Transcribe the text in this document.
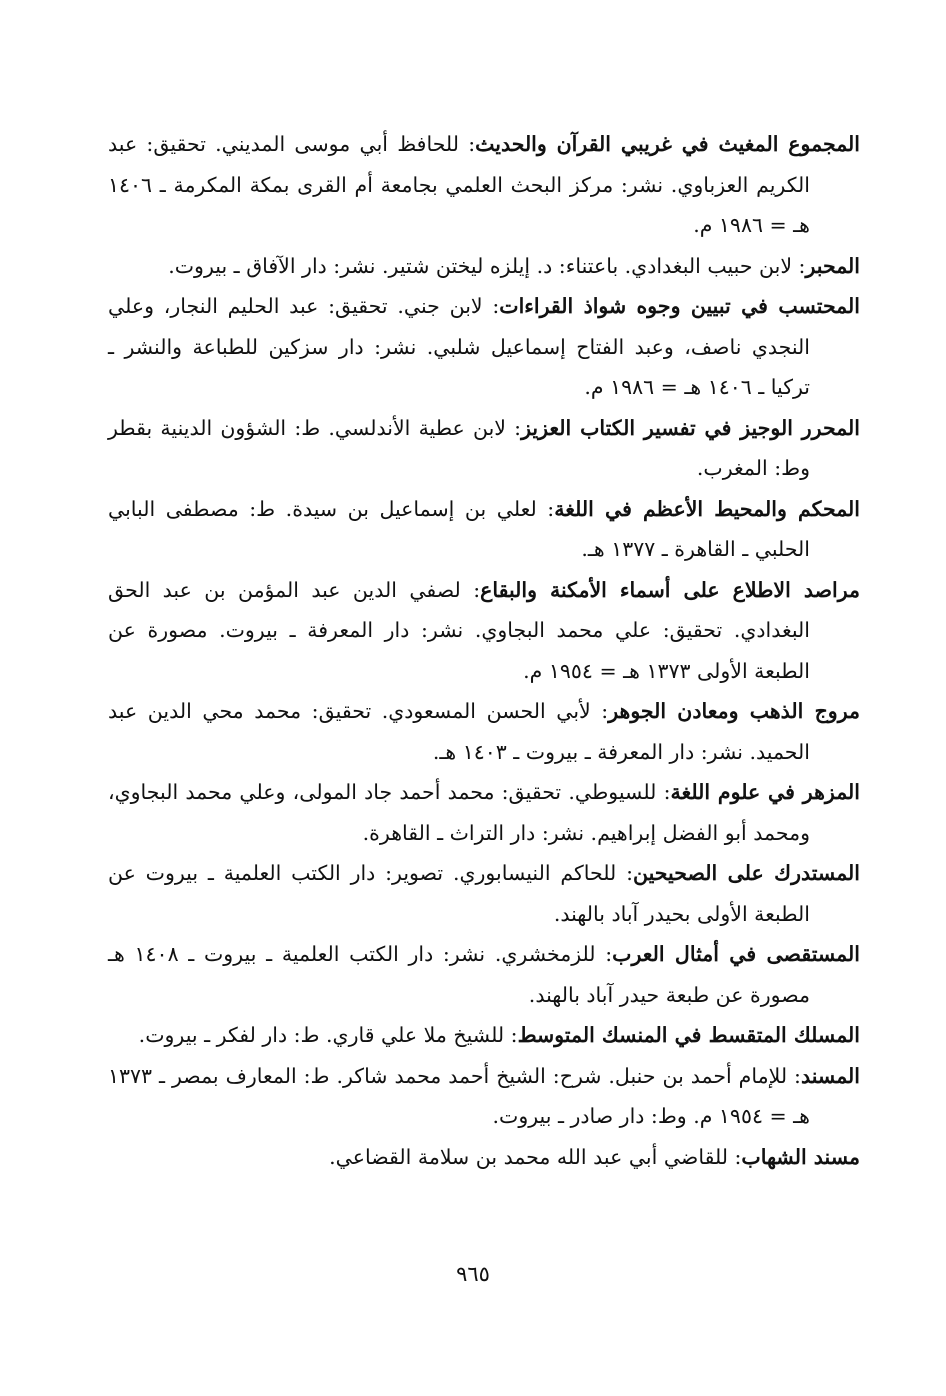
المجموع المغيث في غريبي القرآن والحديث: للحافظ أبي موسى المديني. تحقيق: عبد الكريم العزباوي. نشر: مركز البحث العلمي بجامعة أم القرى بمكة المكرمة ـ ١٤٠٦ هـ = ١٩٨٦ م.

المحبر: لابن حبيب البغدادي. باعتناء: د. إيلزه ليختن شتير. نشر: دار الآفاق ـ بيروت.

المحتسب في تبيين وجوه شواذ القراءات: لابن جني. تحقيق: عبد الحليم النجار، وعلي النجدي ناصف، وعبد الفتاح إسماعيل شلبي. نشر: دار سزكين للطباعة والنشر ـ تركيا ـ ١٤٠٦ هـ = ١٩٨٦ م.

المحرر الوجيز في تفسير الكتاب العزيز: لابن عطية الأندلسي. ط: الشؤون الدينية بقطر وط: المغرب.

المحكم والمحيط الأعظم في اللغة: لعلي بن إسماعيل بن سيدة. ط: مصطفى البابي الحلبي ـ القاهرة ـ ١٣٧٧ هـ.

مراصد الاطلاع على أسماء الأمكنة والبقاع: لصفي الدين عبد المؤمن بن عبد الحق البغدادي. تحقيق: علي محمد البجاوي. نشر: دار المعرفة ـ بيروت. مصورة عن الطبعة الأولى ١٣٧٣ هـ = ١٩٥٤ م.

مروج الذهب ومعادن الجوهر: لأبي الحسن المسعودي. تحقيق: محمد محي الدين عبد الحميد. نشر: دار المعرفة ـ بيروت ـ ١٤٠٣ هـ.

المزهر في علوم اللغة: للسيوطي. تحقيق: محمد أحمد جاد المولى، وعلي محمد البجاوي، ومحمد أبو الفضل إبراهيم. نشر: دار التراث ـ القاهرة.

المستدرك على الصحيحين: للحاكم النيسابوري. تصوير: دار الكتب العلمية ـ بيروت عن الطبعة الأولى بحيدر آباد بالهند.

المستقصى في أمثال العرب: للزمخشري. نشر: دار الكتب العلمية ـ بيروت ـ ١٤٠٨ هـ مصورة عن طبعة حيدر آباد بالهند.

المسلك المتقسط في المنسك المتوسط: للشيخ ملا علي قاري. ط: دار لفكر ـ بيروت.

المسند: للإمام أحمد بن حنبل. شرح: الشيخ أحمد محمد شاكر. ط: المعارف بمصر ـ ١٣٧٣ هـ = ١٩٥٤ م. وط: دار صادر ـ بيروت.

مسند الشهاب: للقاضي أبي عبد الله محمد بن سلامة القضاعي.

٩٦٥
